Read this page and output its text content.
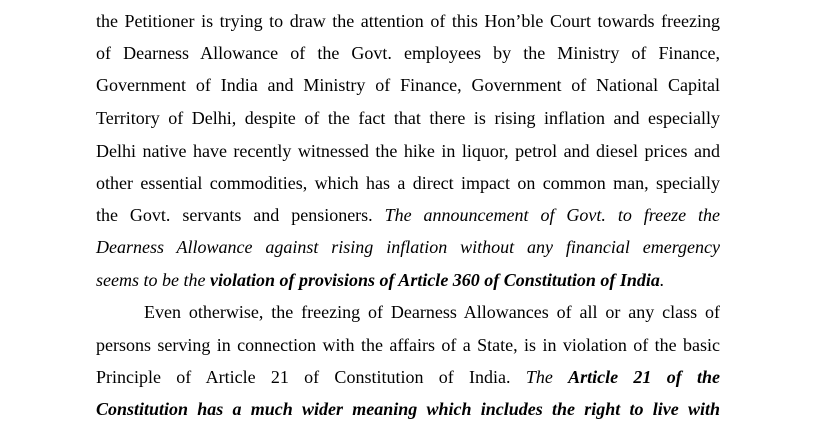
the Petitioner is trying to draw the attention of this Hon’ble Court towards freezing
of Dearness Allowance of the Govt. employees by the Ministry of Finance,
Government of India and Ministry of Finance, Government of National Capital
Territory of Delhi, despite of the fact that there is rising inflation and especially
Delhi native have recently witnessed the hike in liquor, petrol and diesel prices and
other essential commodities, which has a direct impact on common man, specially
the Govt. servants and pensioners. The announcement of Govt. to freeze the
Dearness Allowance against rising inflation without any financial emergency
seems to be the violation of provisions of Article 360 of Constitution of India.
Even otherwise, the freezing of Dearness Allowances of all or any class of
persons serving in connection with the affairs of a State, is in violation of the basic
Principle of Article 21 of Constitution of India. The Article 21 of the
Constitution has a much wider meaning which includes the right to live with
